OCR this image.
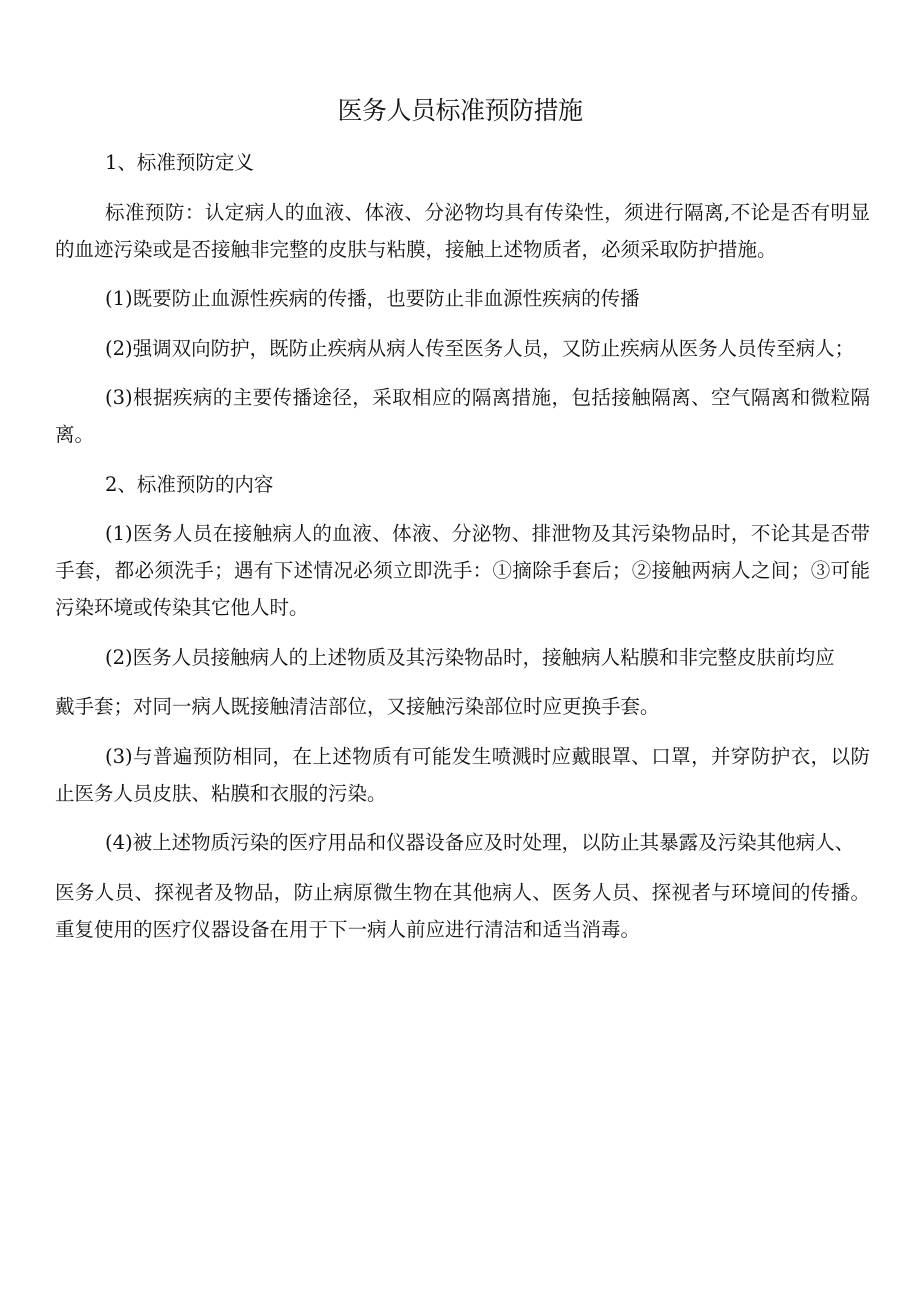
医务人员标准预防措施

1、标准预防定义

标准预防：认定病人的血液、体液、分泌物均具有传染性，须进行隔离,不论是否有明显的血迹污染或是否接触非完整的皮肤与粘膜，接触上述物质者，必须采取防护措施。

(1)既要防止血源性疾病的传播，也要防止非血源性疾病的传播

(2)强调双向防护，既防止疾病从病人传至医务人员，又防止疾病从医务人员传至病人；

(3)根据疾病的主要传播途径，采取相应的隔离措施，包括接触隔离、空气隔离和微粒隔离。

2、标准预防的内容

(1)医务人员在接触病人的血液、体液、分泌物、排泄物及其污染物品时，不论其是否带手套，都必须洗手；遇有下述情况必须立即洗手：①摘除手套后；②接触两病人之间；③可能污染环境或传染其它他人时。

(2)医务人员接触病人的上述物质及其污染物品时，接触病人粘膜和非完整皮肤前均应

戴手套；对同一病人既接触清洁部位，又接触污染部位时应更换手套。

(3)与普遍预防相同，在上述物质有可能发生喷溅时应戴眼罩、口罩，并穿防护衣，以防止医务人员皮肤、粘膜和衣服的污染。

(4)被上述物质污染的医疗用品和仪器设备应及时处理，以防止其暴露及污染其他病人、

医务人员、探视者及物品，防止病原微生物在其他病人、医务人员、探视者与环境间的传播。重复使用的医疗仪器设备在用于下一病人前应进行清洁和适当消毒。
